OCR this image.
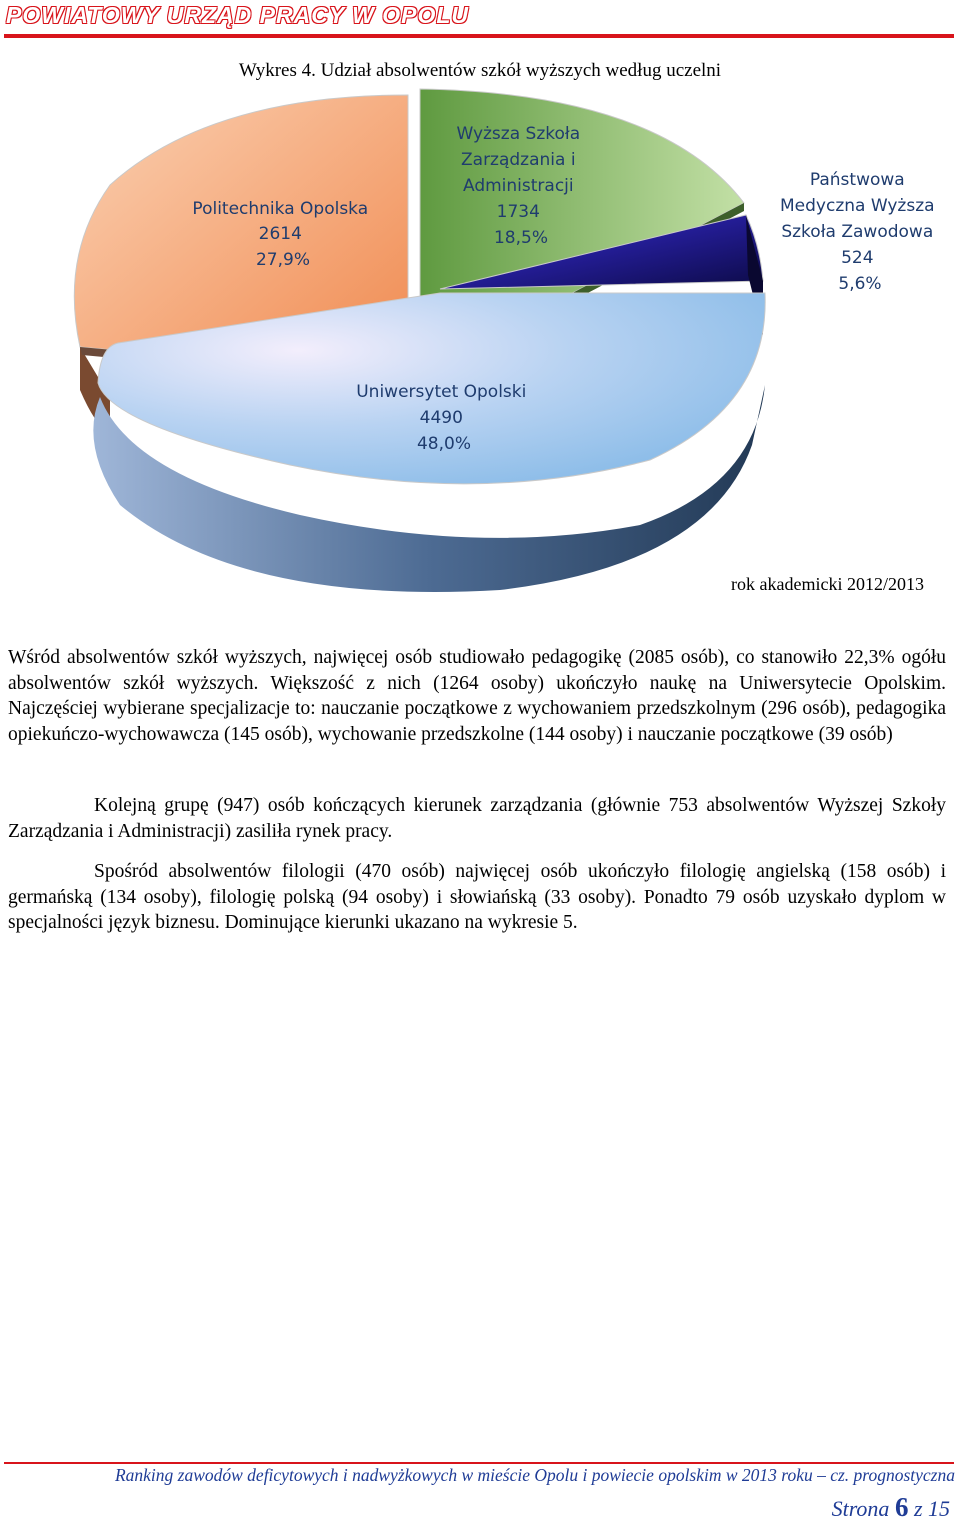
POWIATOWY URZĄD PRACY W OPOLU
Wykres 4. Udział absolwentów szkół wyższych według uczelni
Politechnika Opolska 2614 27,9%
Wyższa Szkoła Zarządzania i Administracji 1734 18,5%
Państwowa Medyczna Wyższa Szkoła Zawodowa 524 5,6%
Uniwersytet Opolski 4490 48,0%
rok akademicki 2012/2013
Wśród absolwentów szkół wyższych, najwięcej osób studiowało pedagogikę (2085 osób), co stanowiło 22,3% ogółu absolwentów szkół wyższych. Większość z nich (1264 osoby) ukończyło naukę na Uniwersytecie Opolskim. Najczęściej wybierane specjalizacje to: nauczanie początkowe z wychowaniem przedszkolnym (296 osób), pedagogika opiekuńczo-wychowawcza (145 osób), wychowanie przedszkolne (144 osoby) i nauczanie początkowe (39 osób)
Kolejną grupę (947) osób kończących kierunek zarządzania (głównie 753 absolwentów Wyższej Szkoły Zarządzania i Administracji) zasiliła rynek pracy.
Spośród absolwentów filologii (470 osób) najwięcej osób ukończyło filologię angielską (158 osób) i germańską (134 osoby), filologię polską (94 osoby) i słowiańską (33 osoby). Ponadto 79 osób uzyskało dyplom w specjalności język biznesu. Dominujące kierunki ukazano na wykresie 5.
Ranking zawodów deficytowych i nadwyżkowych w mieście Opolu i powiecie opolskim w 2013 roku – cz. prognostyczna
Strona 6 z 15
